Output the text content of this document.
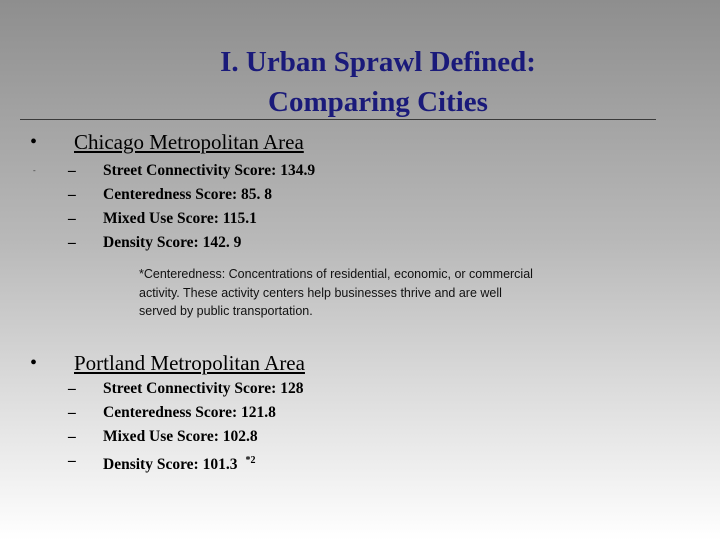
I. Urban Sprawl Defined:
Comparing Cities
• Chicago Metropolitan Area
- – Street Connectivity Score: 134.9
– Centeredness Score: 85. 8
– Mixed Use Score: 115.1
– Density Score: 142. 9
*Centeredness: Concentrations of residential, economic, or commercial
activity. These activity centers help businesses thrive and are well
served by public transportation.
• Portland Metropolitan Area
– Street Connectivity Score: 128
– Centeredness Score: 121.8
– Mixed Use Score: 102.8
– Density Score: 101.3 $^{*2}$
